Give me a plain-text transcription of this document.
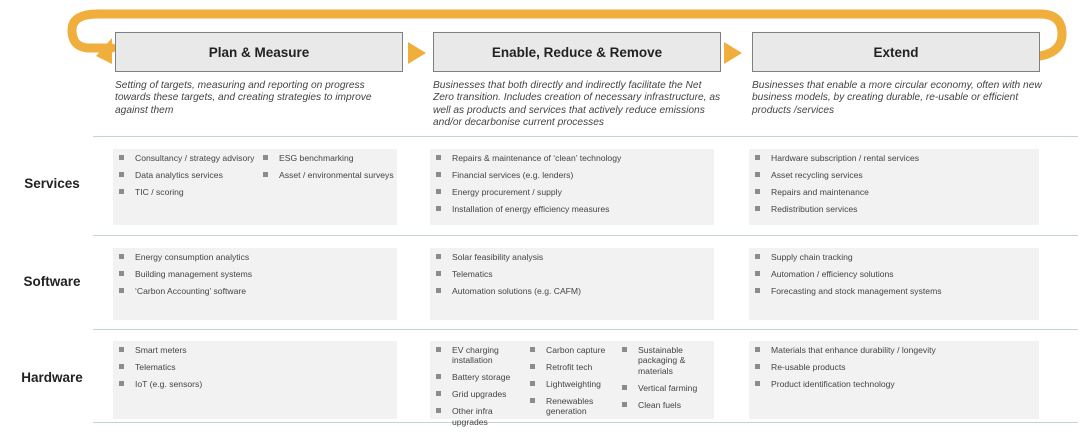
Plan & Measure	Enable, Reduce & Remove	Extend
Setting of targets, measuring and reporting on progress towards these targets, and creating strategies to improve against them
Businesses that both directly and indirectly facilitate the Net Zero transition. Includes creation of necessary infrastructure, as well as products and services that actively reduce emissions and/or decarbonise current processes
Businesses that enable a more circular economy, often with new business models, by creating durable, re-usable or efficient products /services
Services
Software
Hardware
Consultancy / strategy advisory
Data analytics services
TIC / scoring
ESG benchmarking
Asset / environmental surveys
Repairs & maintenance of ‘clean’ technology
Financial services (e.g. lenders)
Energy procurement / supply
Installation of energy efficiency measures
Hardware subscription / rental services
Asset recycling services
Repairs and maintenance
Redistribution services
Energy consumption analytics
Building management systems
‘Carbon Accounting’ software
Solar feasibility analysis
Telematics
Automation solutions (e.g. CAFM)
Supply chain tracking
Automation / efficiency solutions
Forecasting and stock management systems
Smart meters
Telematics
IoT (e.g. sensors)
EV charging installation
Battery storage
Grid upgrades
Other infra upgrades
Carbon capture
Retrofit tech
Lightweighting
Renewables generation
Sustainable packaging & materials
Vertical farming
Clean fuels
Materials that enhance durability / longevity
Re-usable products
Product identification technology
